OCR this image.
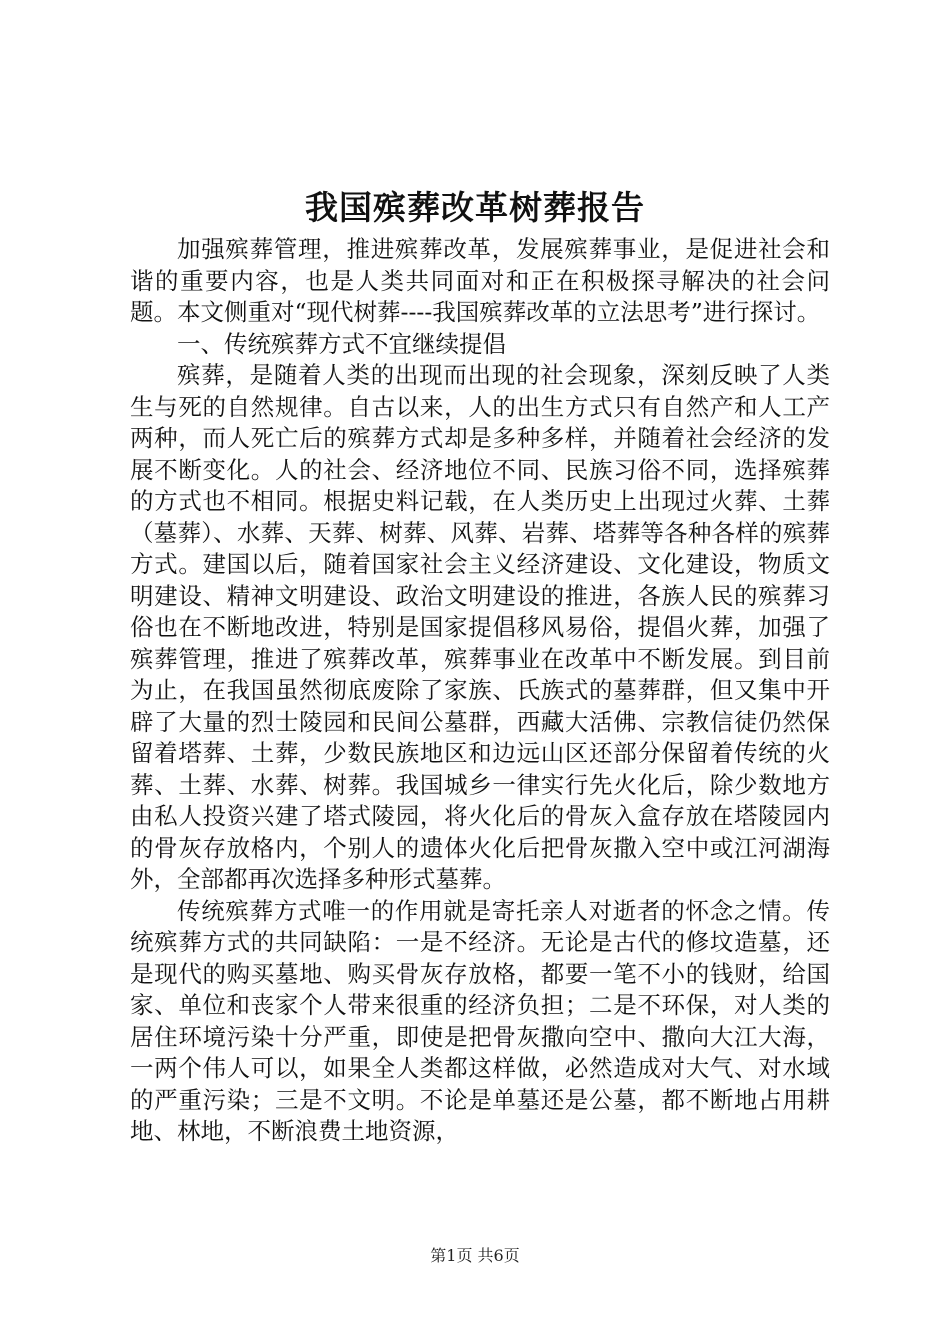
我国殡葬改革树葬报告

加强殡葬管理，推进殡葬改革，发展殡葬事业，是促进社会和谐的重要内容，也是人类共同面对和正在积极探寻解决的社会问题。本文侧重对“现代树葬----我国殡葬改革的立法思考”进行探讨。

一、传统殡葬方式不宜继续提倡

殡葬，是随着人类的出现而出现的社会现象，深刻反映了人类生与死的自然规律。自古以来，人的出生方式只有自然产和人工产两种，而人死亡后的殡葬方式却是多种多样，并随着社会经济的发展不断变化。人的社会、经济地位不同、民族习俗不同，选择殡葬的方式也不相同。根据史料记载，在人类历史上出现过火葬、土葬（墓葬）、水葬、天葬、树葬、风葬、岩葬、塔葬等各种各样的殡葬方式。建国以后，随着国家社会主义经济建设、文化建设，物质文明建设、精神文明建设、政治文明建设的推进，各族人民的殡葬习俗也在不断地改进，特别是国家提倡移风易俗，提倡火葬，加强了殡葬管理，推进了殡葬改革，殡葬事业在改革中不断发展。到目前为止，在我国虽然彻底废除了家族、氏族式的墓葬群，但又集中开辟了大量的烈士陵园和民间公墓群，西藏大活佛、宗教信徒仍然保留着塔葬、土葬，少数民族地区和边远山区还部分保留着传统的火葬、土葬、水葬、树葬。我国城乡一律实行先火化后，除少数地方由私人投资兴建了塔式陵园，将火化后的骨灰入盒存放在塔陵园内的骨灰存放格内，个别人的遗体火化后把骨灰撒入空中或江河湖海外，全部都再次选择多种形式墓葬。

传统殡葬方式唯一的作用就是寄托亲人对逝者的怀念之情。传统殡葬方式的共同缺陷：一是不经济。无论是古代的修坟造墓，还是现代的购买墓地、购买骨灰存放格，都要一笔不小的钱财，给国家、单位和丧家个人带来很重的经济负担；二是不环保，对人类的居住环境污染十分严重，即使是把骨灰撒向空中、撒向大江大海，一两个伟人可以，如果全人类都这样做，必然造成对大气、对水域的严重污染；三是不文明。不论是单墓还是公墓，都不断地占用耕地、林地，不断浪费土地资源，

第1页 共6页
